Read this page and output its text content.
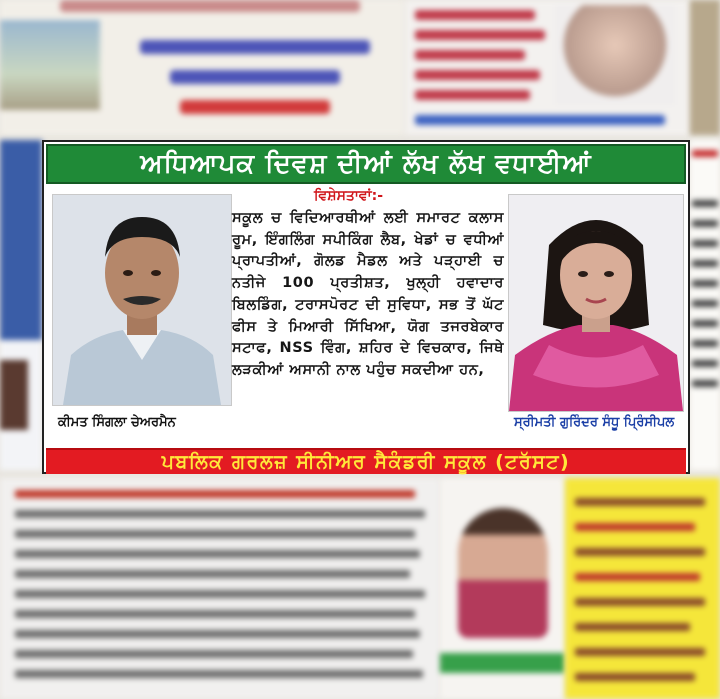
ਅਧਿਆਪਕ ਦਿਵਸ਼ ਦੀਆਂ ਲੱਖ ਲੱਖ ਵਧਾਈਆਂ
ਵਿਸ਼ੇਸਤਾਵਾਂ:-
ਸਕੂਲ ਚ ਵਿਦਿਆਰਥੀਆਂ ਲਈ ਸਮਾਰਟ ਕਲਾਸ ਰੂਮ, ਇੰਗਲਿੰਗ ਸਪੀਕਿੰਗ ਲੈਬ, ਖੇਡਾਂ ਚ ਵਧੀਆਂ ਪ੍ਰਾਪਤੀਆਂ, ਗੋਲਡ ਮੈਡਲ ਅਤੇ ਪੜ੍ਹਾਈ ਚ ਨਤੀਜੇ 100 ਪ੍ਰਤੀਸ਼ਤ, ਖੁਲ੍ਹੀ ਹਵਾਦਾਰ ਬਿਲਡਿੰਗ, ਟਰਾਸਪੋਰਟ ਦੀ ਸੁਵਿਧਾ, ਸਭ ਤੋਂ ਘੱਟ ਫੀਸ ਤੇ ਮਿਆਰੀ ਸਿੱਖਿਆ, ਯੋਗ ਤਜਰਬੇਕਾਰ ਸਟਾਫ, NSS ਵਿੰਗ, ਸ਼ਹਿਰ ਦੇ ਵਿਚਕਾਰ, ਜਿਥੇ ਲੜਕੀਆਂ ਅਸਾਨੀ ਨਾਲ ਪਹੁੰਚ ਸਕਦੀਆ ਹਨ,
ਕੀਮਤ ਸਿੰਗਲਾ ਚੇਅਰਮੈਨ	ਸ੍ਰੀਮਤੀ ਗੁਰਿੰਦਰ ਸੰਧੂ ਪ੍ਰਿੰਸੀਪਲ
ਪਬਲਿਕ ਗਰਲਜ਼ ਸੀਨੀਅਰ ਸੈਕੰਡਰੀ ਸਕੂਲ (ਟਰੱਸਟ)
